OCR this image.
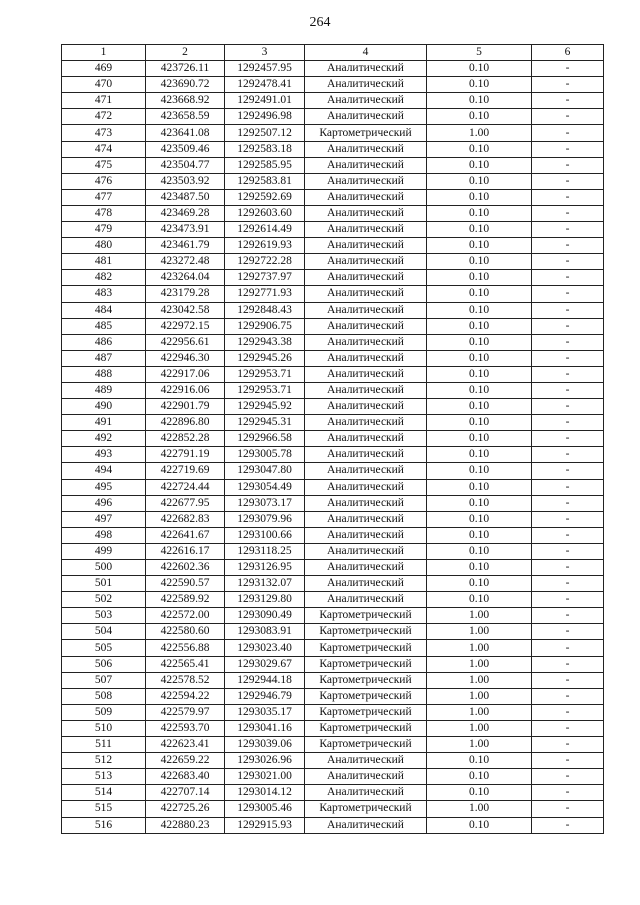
264
1	2	3	4	5	6
469	423726.11	1292457.95	Аналитический	0.10	-
470	423690.72	1292478.41	Аналитический	0.10	-
471	423668.92	1292491.01	Аналитический	0.10	-
472	423658.59	1292496.98	Аналитический	0.10	-
473	423641.08	1292507.12	Картометрический	1.00	-
474	423509.46	1292583.18	Аналитический	0.10	-
475	423504.77	1292585.95	Аналитический	0.10	-
476	423503.92	1292583.81	Аналитический	0.10	-
477	423487.50	1292592.69	Аналитический	0.10	-
478	423469.28	1292603.60	Аналитический	0.10	-
479	423473.91	1292614.49	Аналитический	0.10	-
480	423461.79	1292619.93	Аналитический	0.10	-
481	423272.48	1292722.28	Аналитический	0.10	-
482	423264.04	1292737.97	Аналитический	0.10	-
483	423179.28	1292771.93	Аналитический	0.10	-
484	423042.58	1292848.43	Аналитический	0.10	-
485	422972.15	1292906.75	Аналитический	0.10	-
486	422956.61	1292943.38	Аналитический	0.10	-
487	422946.30	1292945.26	Аналитический	0.10	-
488	422917.06	1292953.71	Аналитический	0.10	-
489	422916.06	1292953.71	Аналитический	0.10	-
490	422901.79	1292945.92	Аналитический	0.10	-
491	422896.80	1292945.31	Аналитический	0.10	-
492	422852.28	1292966.58	Аналитический	0.10	-
493	422791.19	1293005.78	Аналитический	0.10	-
494	422719.69	1293047.80	Аналитический	0.10	-
495	422724.44	1293054.49	Аналитический	0.10	-
496	422677.95	1293073.17	Аналитический	0.10	-
497	422682.83	1293079.96	Аналитический	0.10	-
498	422641.67	1293100.66	Аналитический	0.10	-
499	422616.17	1293118.25	Аналитический	0.10	-
500	422602.36	1293126.95	Аналитический	0.10	-
501	422590.57	1293132.07	Аналитический	0.10	-
502	422589.92	1293129.80	Аналитический	0.10	-
503	422572.00	1293090.49	Картометрический	1.00	-
504	422580.60	1293083.91	Картометрический	1.00	-
505	422556.88	1293023.40	Картометрический	1.00	-
506	422565.41	1293029.67	Картометрический	1.00	-
507	422578.52	1292944.18	Картометрический	1.00	-
508	422594.22	1292946.79	Картометрический	1.00	-
509	422579.97	1293035.17	Картометрический	1.00	-
510	422593.70	1293041.16	Картометрический	1.00	-
511	422623.41	1293039.06	Картометрический	1.00	-
512	422659.22	1293026.96	Аналитический	0.10	-
513	422683.40	1293021.00	Аналитический	0.10	-
514	422707.14	1293014.12	Аналитический	0.10	-
515	422725.26	1293005.46	Картометрический	1.00	-
516	422880.23	1292915.93	Аналитический	0.10	-
